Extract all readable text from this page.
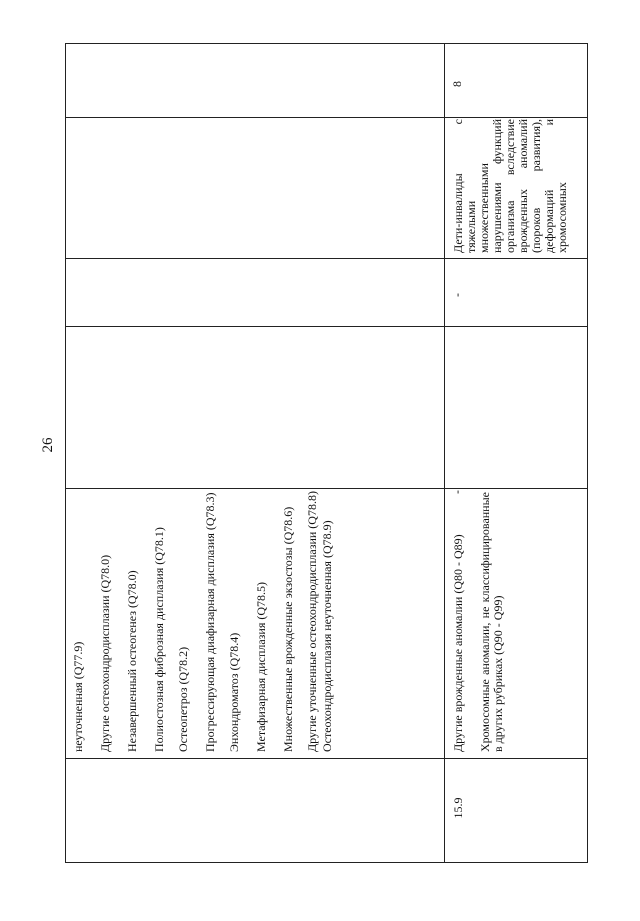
26

неуточненная (Q77.9) Другие остеохондродисплазии (Q78.0) Незавершенный остеогенез (Q78.0) Полиостозная фиброзная дисплазия (Q78.1) Остеопетроз (Q78.2) Прогрессирующая диафизарная дисплазия (Q78.3) Энхондроматоз (Q78.4) Метафизарная дисплазия (Q78.5) Множественные врожденные экзостозы (Q78.6) Другие уточненные остеохондродисплазии (Q78.8) Остеохондродисплазия неуточненная (Q78.9)

15.9

Другие врожденные аномалии (Q80 - Q89) Хромосомные аномалии, не классифицированные в других рубриках (Q90 - Q99)

-
-
Дети-инвалиды с тяжелыми множественными нарушениями функций организма вследствие врожденных аномалий (пороков развития), деформаций и хромосомных
8
